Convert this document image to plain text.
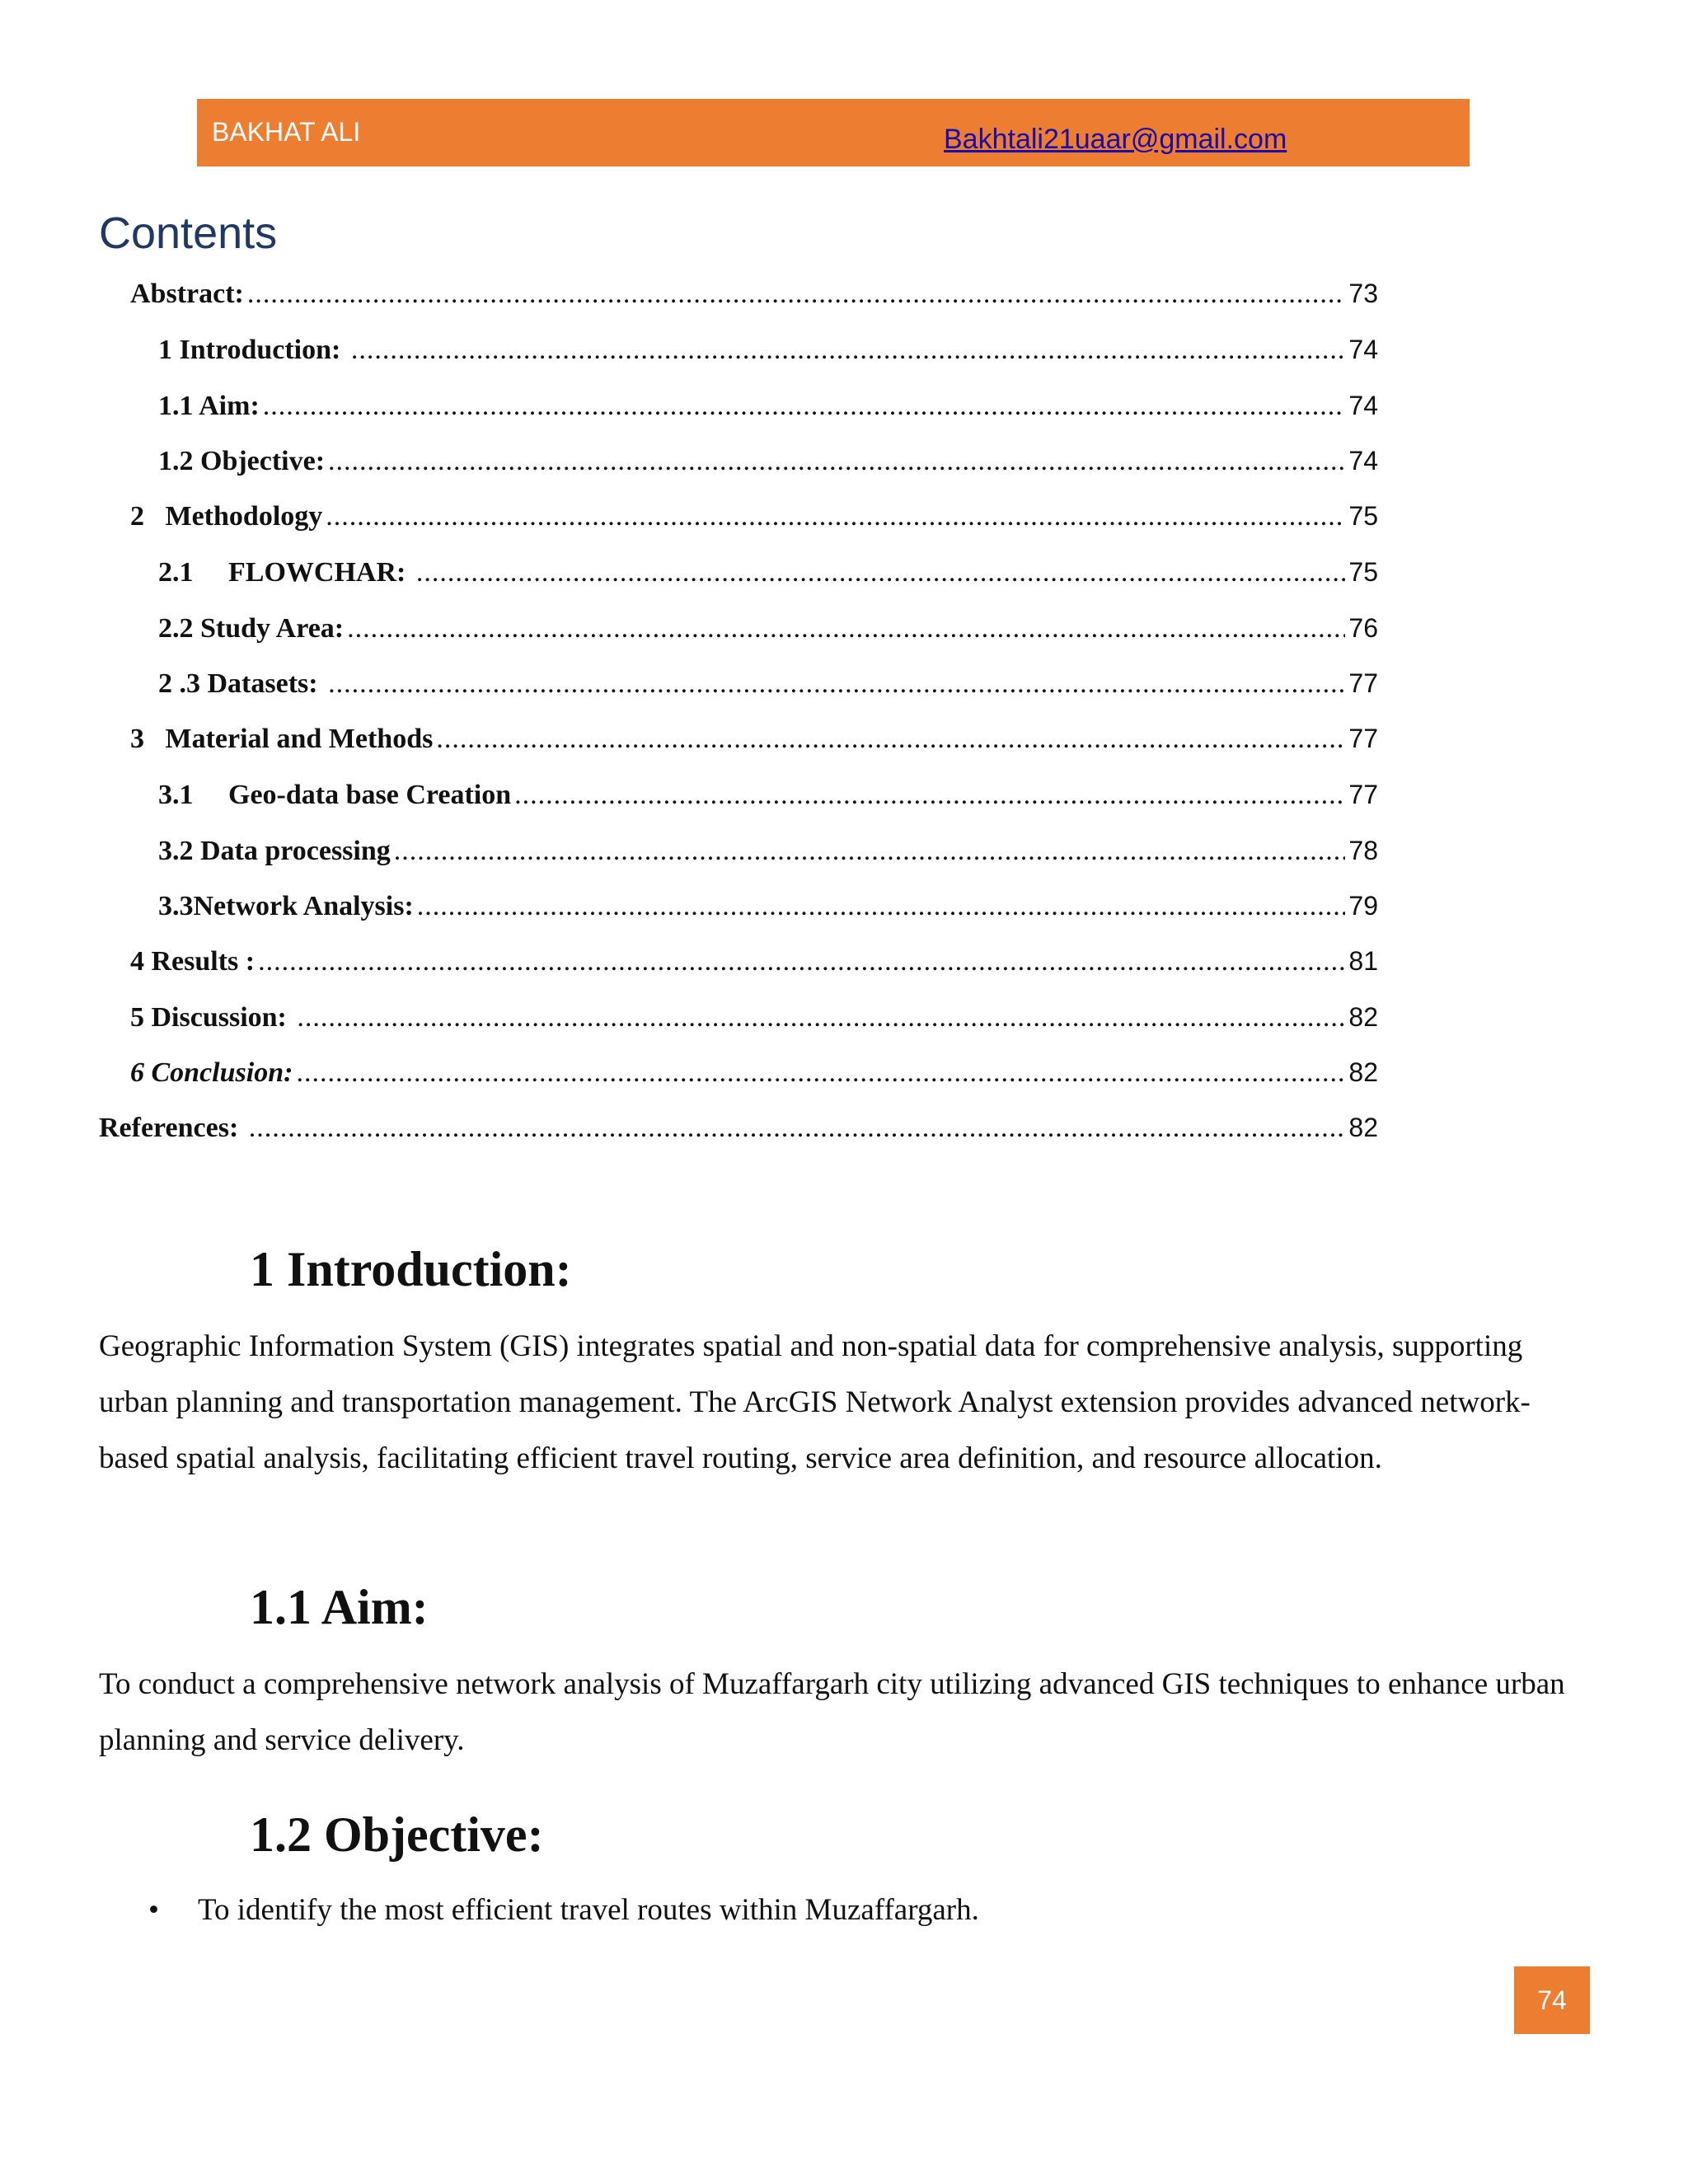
BAKHAT ALI	Bakhtali21uaar@gmail.com
Contents
Abstract: .....	73
1 Introduction: .....	74
1.1 Aim: .....	74
1.2 Objective: .....	74
2   Methodology .....	75
2.1     FLOWCHAR: .....	75
2.2 Study Area: .....	76
2 .3 Datasets: .....	77
3   Material and Methods .....	77
3.1     Geo-data base Creation .....	77
3.2 Data processing .....	78
3.3Network Analysis: .....	79
4 Results : .....	81
5 Discussion: .....	82
6 Conclusion: .....	82
References: .....	82
1 Introduction:

Geographic Information System (GIS) integrates spatial and non-spatial data for comprehensive analysis, supporting urban planning and transportation management. The ArcGIS Network Analyst extension provides advanced network-based spatial analysis, facilitating efficient travel routing, service area definition, and resource allocation.

1.1 Aim:

To conduct a comprehensive network analysis of Muzaffargarh city utilizing advanced GIS techniques to enhance urban planning and service delivery.

1.2 Objective:
• To identify the most efficient travel routes within Muzaffargarh.
74
